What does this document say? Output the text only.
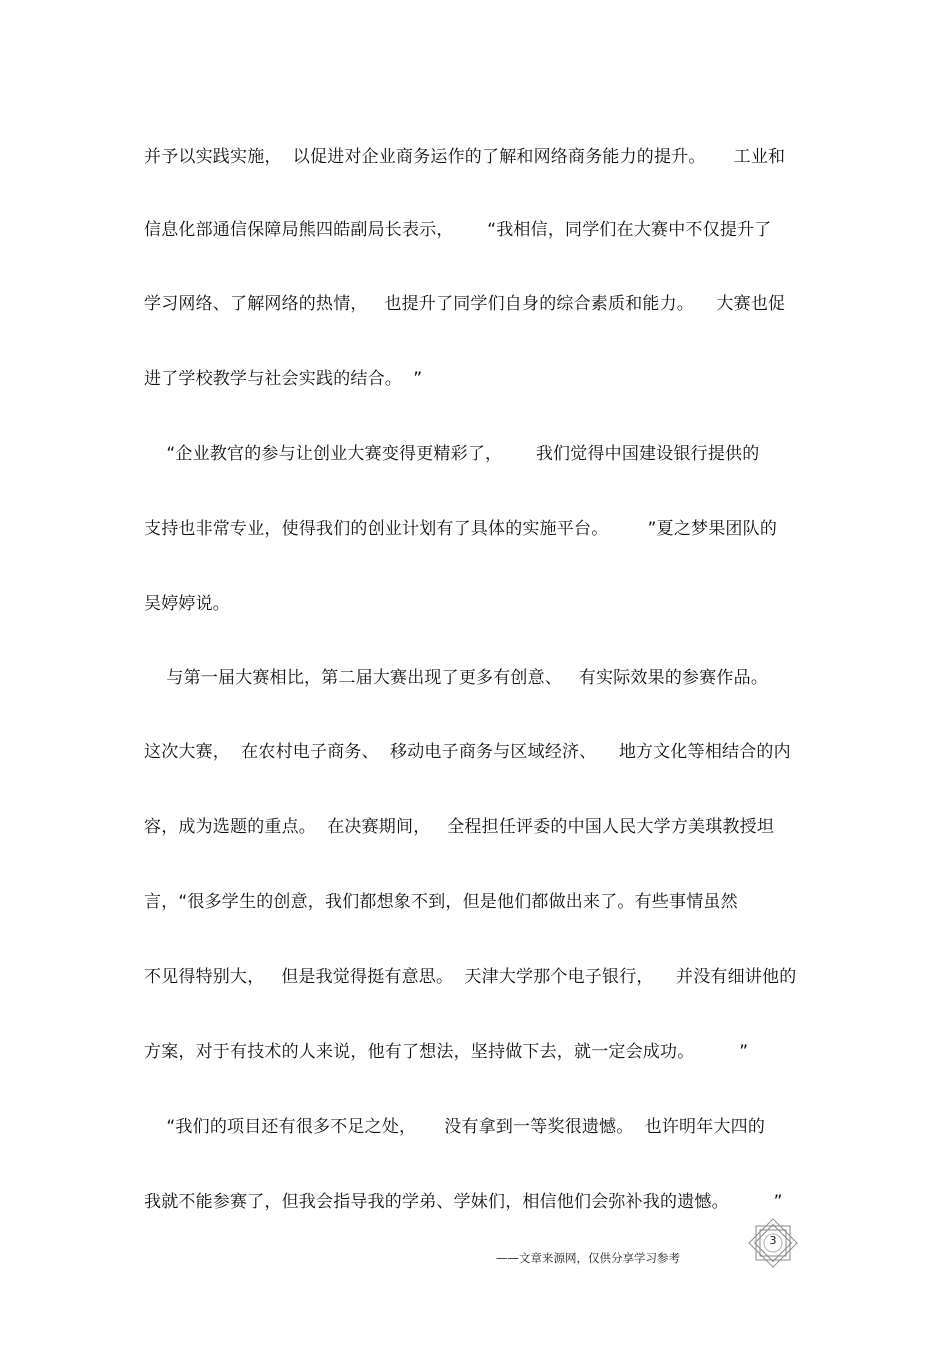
并予以实践实施，  以促进对企业商务运作的了解和网络商务能力的提升。     工业和
信息化部通信保障局熊四皓副局长表示，      “我相信，同学们在大赛中不仅提升了
学习网络、了解网络的热情，   也提升了同学们自身的综合素质和能力。    大赛也促
进了学校教学与社会实践的结合。  ”
“企业教官的参与让创业大赛变得更精彩了，      我们觉得中国建设银行提供的
支持也非常专业，使得我们的创业计划有了具体的实施平台。       ”夏之梦果团队的
吴婷婷说。
与第一届大赛相比，第二届大赛出现了更多有创意、   有实际效果的参赛作品。
这次大赛，  在农村电子商务、  移动电子商务与区域经济、    地方文化等相结合的内
容，成为选题的重点。  在决赛期间，   全程担任评委的中国人民大学方美琪教授坦
言，“很多学生的创意，我们都想象不到，但是他们都做出来了。有些事情虽然
不见得特别大，   但是我觉得挺有意思。  天津大学那个电子银行，    并没有细讲他的
方案，对于有技术的人来说，他有了想法，坚持做下去，就一定会成功。        ”
“我们的项目还有很多不足之处，     没有拿到一等奖很遗憾。  也许明年大四的
我就不能参赛了，但我会指导我的学弟、学妹们，相信他们会弥补我的遗憾。        ”
——文章来源网，仅供分享学习参考
3
